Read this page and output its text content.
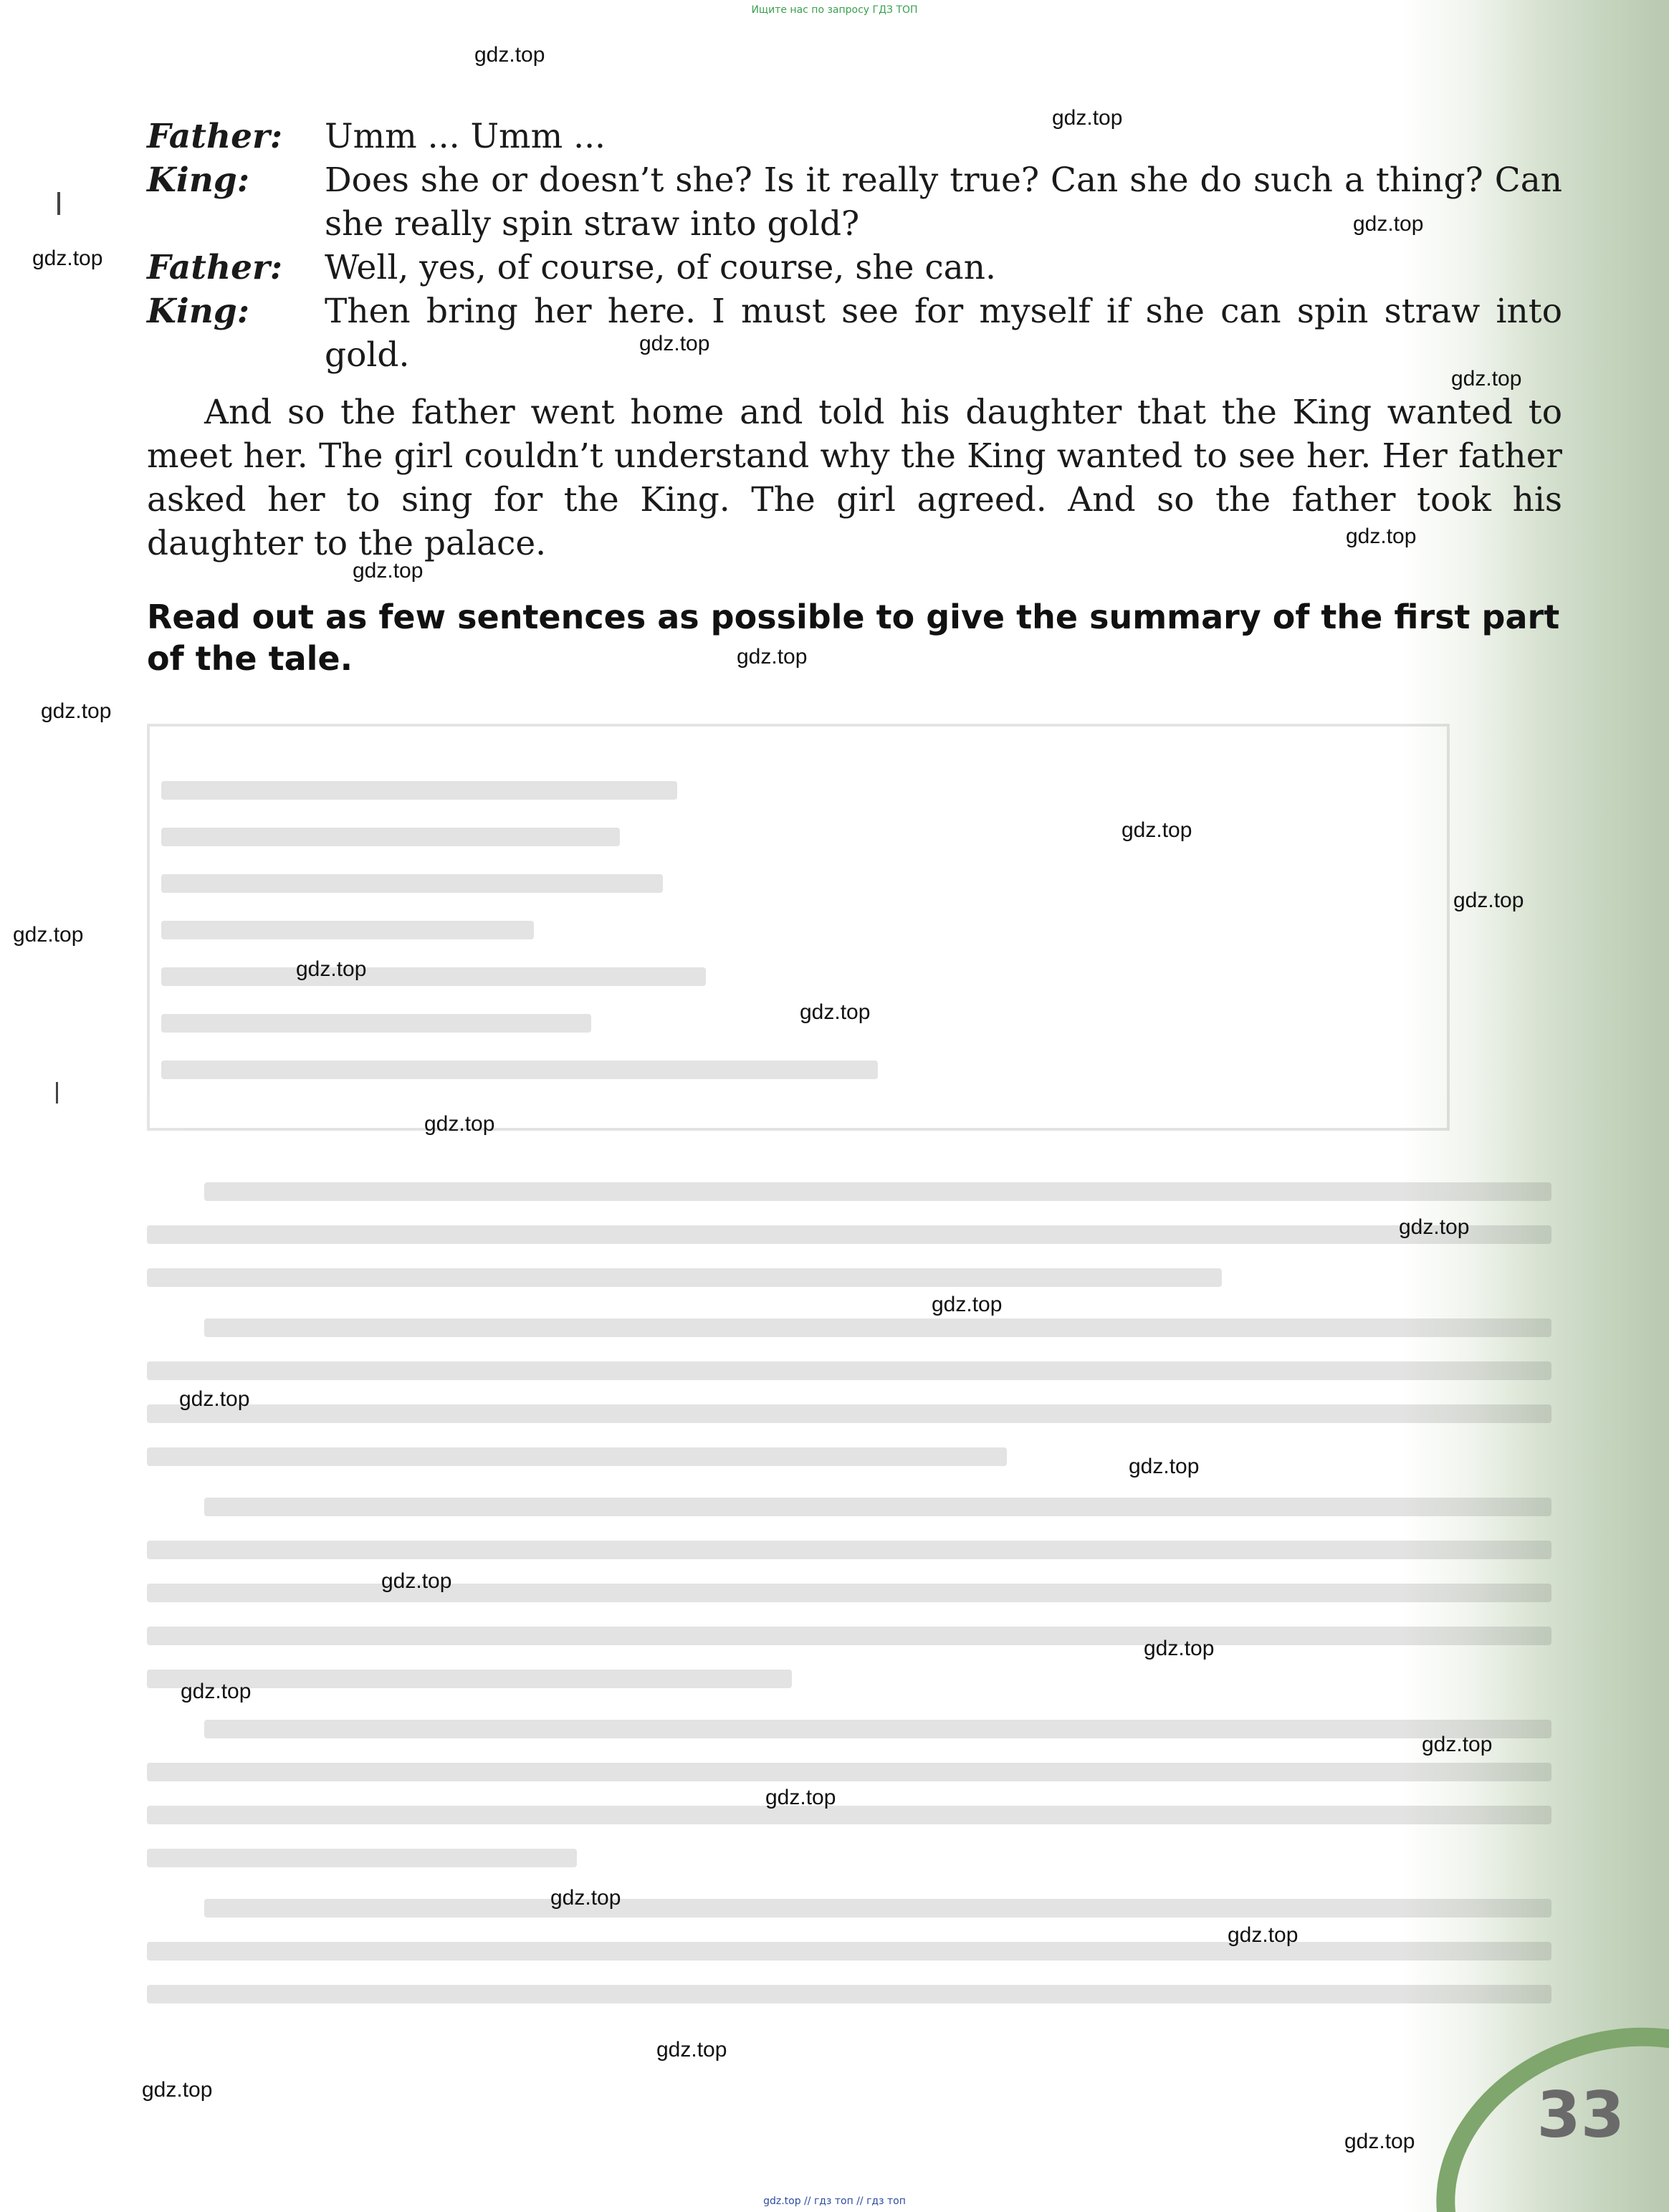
Ищите нас по запросу ГДЗ ТОП
Father:	Umm ... Umm ...
King:	Does she or doesn’t she? Is it really true? Can she do such a thing? Can she really spin straw into gold?
Father:	Well, yes, of course, of course, she can.
King:	Then bring her here. I must see for myself if she can spin straw into gold.
And so the father went home and told his daughter that the King wanted to meet her. The girl couldn’t understand why the King wanted to see her. Her father asked her to sing for the King. The girl agreed. And so the father took his daughter to the palace.
Read out as few sentences as possible to give the summary of the first part of the tale.
33
gdz.top
gdz.top
gdz.top
gdz.top
gdz.top
gdz.top
gdz.top
gdz.top
gdz.top
gdz.top
gdz.top
gdz.top
gdz.top
gdz.top
gdz.top
gdz.top
gdz.top
gdz.top
gdz.top
gdz.top
gdz.top
gdz.top
gdz.top
gdz.top
gdz.top
gdz.top
gdz.top
gdz.top
gdz.top
gdz.top
gdz.top // гдз топ // гдз топ
